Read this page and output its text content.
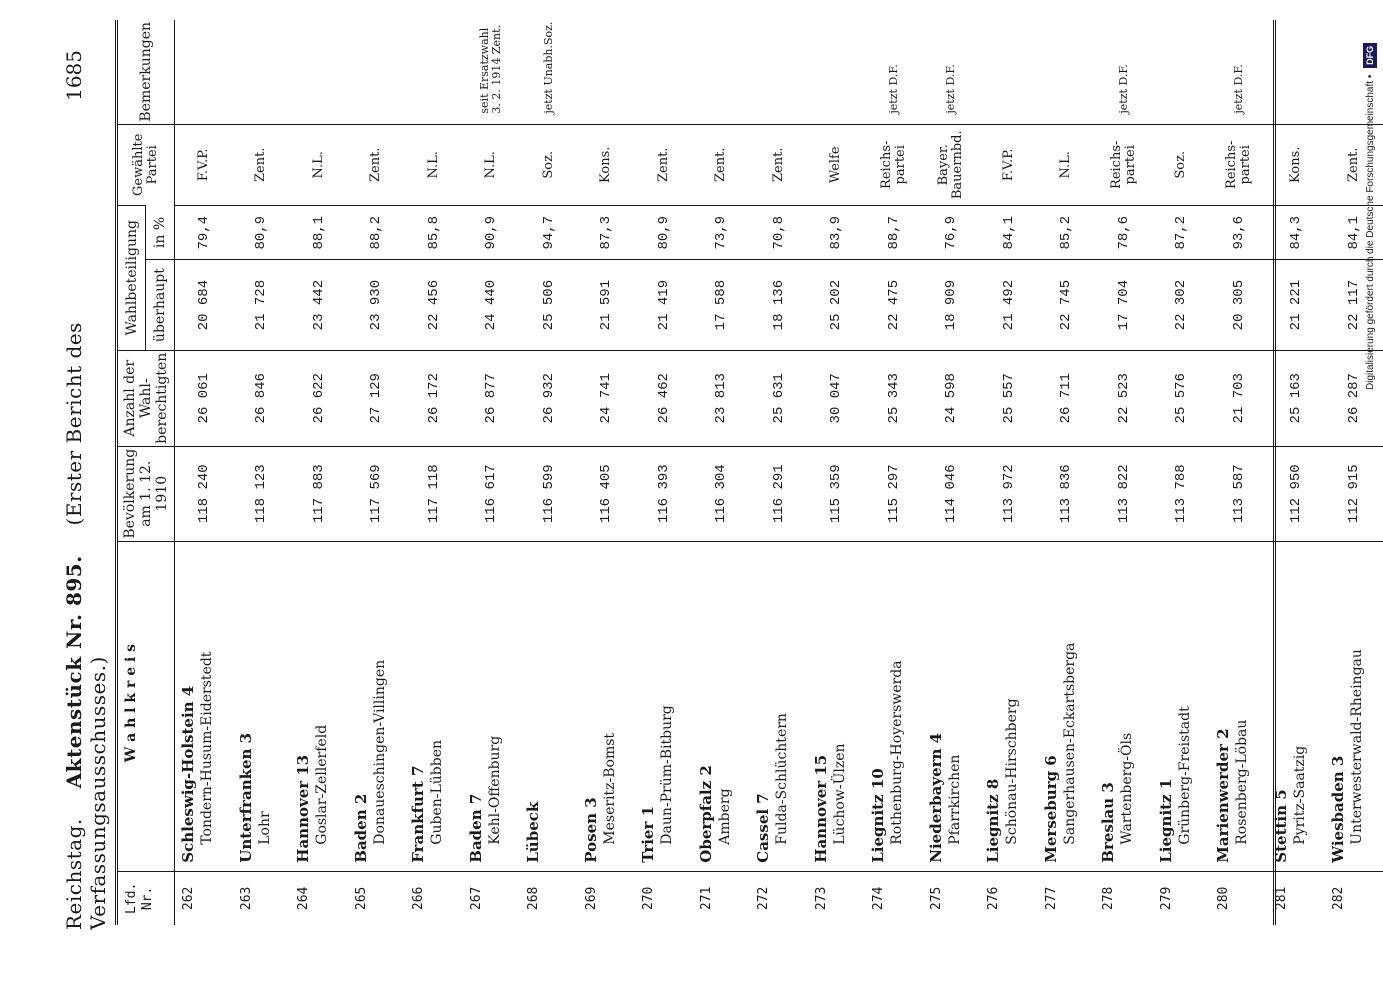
Reichstag.    Aktenstück Nr. 895.    (Erster Bericht des Verfassungsausschusses.)
1685
Lfd. Nr.	W a h l k r e i s	Bevölkerung am 1. 12. 1910	Anzahl der Wahl-berechtigten	Wahlbeteiligung		Gewählte Partei	Bemerkungen
				überhaupt	in %		
262	Schleswig-Holstein 4 Tondern-Husum-Eiderstedt	118 240	26 061	20 684	79,4	F.V.P.	
263	Unterfranken 3 Lohr	118 123	26 846	21 728	80,9	Zent.	
264	Hannover 13 Goslar-Zellerfeld	117 883	26 622	23 442	88,1	N.L.	
265	Baden 2 Donaueschingen-Villingen	117 569	27 129	23 930	88,2	Zent.	
266	Frankfurt 7 Guben-Lübben	117 118	26 172	22 456	85,8	N.L.	
267	Baden 7 Kehl-Offenburg	116 617	26 877	24 440	90,9	N.L.	seit Ersatzwahl 3. 2. 1914 Zent.
268	Lübeck	116 599	26 932	25 506	94,7	Soz.	jetzt Unabh.Soz.
269	Posen 3 Meseritz-Bomst	116 405	24 741	21 591	87,3	Kons.	
270	Trier 1 Daun-Prüm-Bitburg	116 393	26 462	21 419	80,9	Zent.	
271	Oberpfalz 2 Amberg	116 304	23 813	17 588	73,9	Zent.	
272	Cassel 7 Fulda-Schlüchtern	116 291	25 631	18 136	70,8	Zent.	
273	Hannover 15 Lüchow-Ülzen	115 359	30 047	25 202	83,9	Welfe	
274	Liegnitz 10 Rothenburg-Hoyerswerda	115 297	25 343	22 475	88,7	Reichs-partei	jetzt D.F.
275	Niederbayern 4 Pfarrkirchen	114 046	24 598	18 909	76,9	Bayer. Bauernbd.	jetzt D.F.
276	Liegnitz 8 Schönau-Hirschberg	113 972	25 557	21 492	84,1	F.V.P.	
277	Merseburg 6 Sangerhausen-Eckartsberga	113 836	26 711	22 745	85,2	N.L.	
278	Breslau 3 Wartenberg-Öls	113 822	22 523	17 704	78,6	Reichs-partei	jetzt D.F.
279	Liegnitz 1 Grünberg-Freistadt	113 788	25 576	22 302	87,2	Soz.	
280	Marienwerder 2 Rosenberg-Löbau	113 587	21 703	20 305	93,6	Reichs-partei	jetzt D.F.
281	Stettin 5 Pyritz-Saatzig	112 950	25 163	21 221	84,3	Kons.	
282	Wiesbaden 3 Unterwesterwald-Rheingau	112 915	26 287	22 117	84,1	Zent.	Digitalisierung gefördert durch die Deutsche Forschungsgemeinschaft • DFG
